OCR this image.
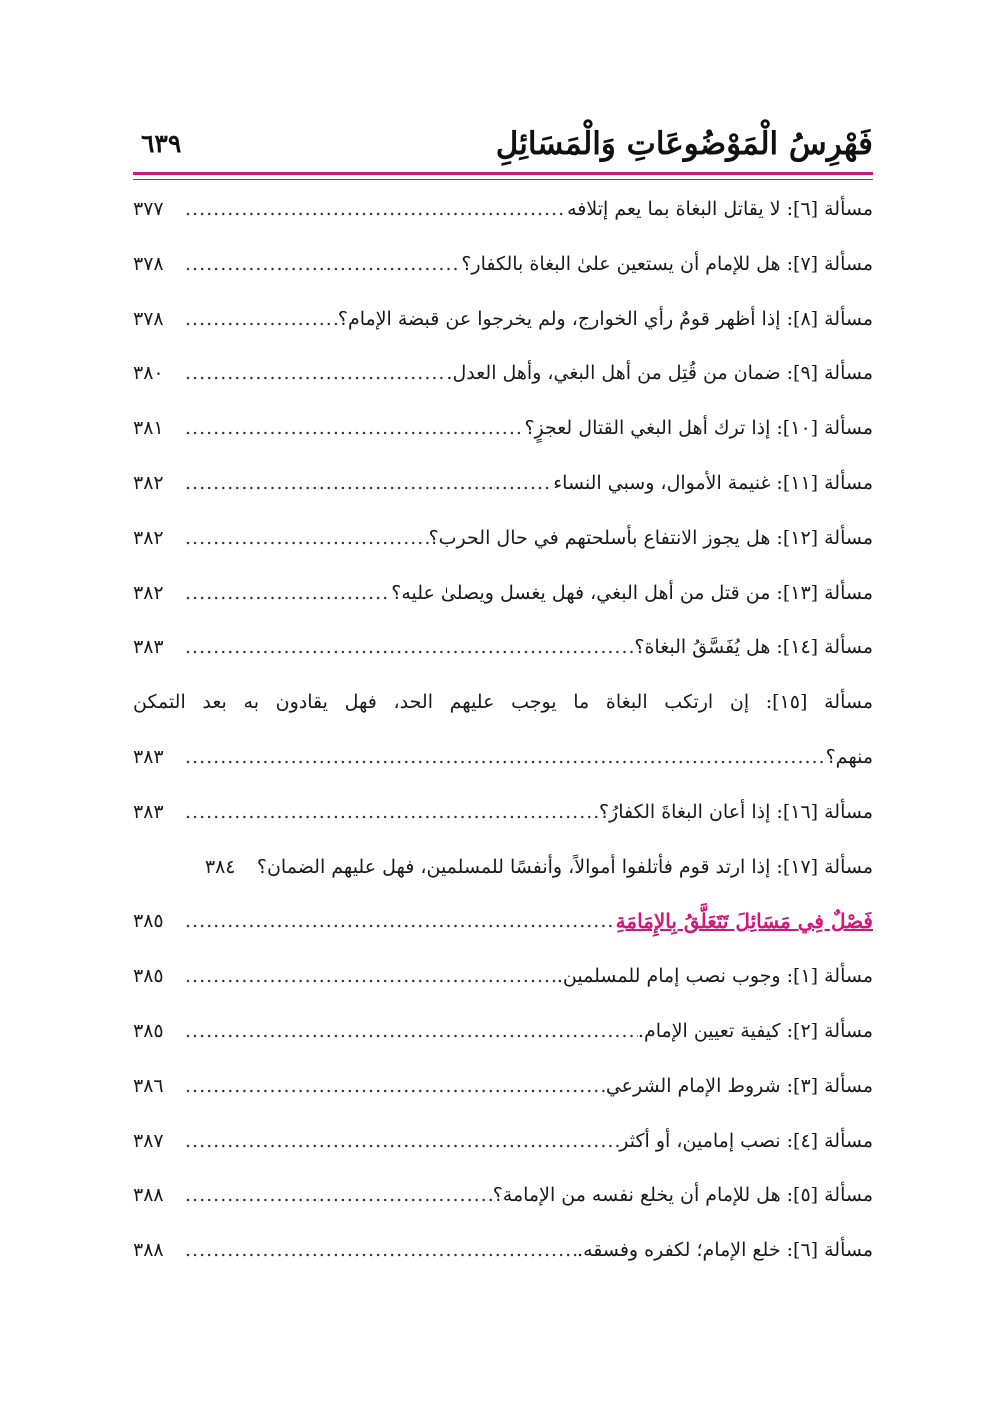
فَهْرِسُ الْمَوْضُوعَاتِ وَالْمَسَائِلِ
٦٣٩
مسألة [٦]: لا يقاتل البغاة بما يعم إتلافه
.....
٣٧٧
مسألة [٧]: هل للإمام أن يستعين علىٰ البغاة بالكفار؟
.....
٣٧٨
مسألة [٨]: إذا أظهر قومٌ رأي الخوارج، ولم يخرجوا عن قبضة الإمام؟
.....
٣٧٨
مسألة [٩]: ضمان من قُتِل من أهل البغي، وأهل العدل.
.....
٣٨٠
مسألة [١٠]: إذا ترك أهل البغي القتال لعجزٍ؟
.....
٣٨١
مسألة [١١]: غنيمة الأموال، وسبي النساء
.....
٣٨٢
مسألة [١٢]: هل يجوز الانتفاع بأسلحتهم في حال الحرب؟
.....
٣٨٢
مسألة [١٣]: من قتل من أهل البغي، فهل يغسل ويصلىٰ عليه؟
.....
٣٨٢
مسألة [١٤]: هل يُفَسَّقُ البغاة؟
.....
٣٨٣
مسألة [١٥]: إن ارتكب البغاة ما يوجب عليهم الحد، فهل يقادون به بعد التمكن
منهم؟
.....
٣٨٣
مسألة [١٦]: إذا أعان البغاةَ الكفارُ؟
.....
٣٨٣
مسألة [١٧]: إذا ارتد قوم فأتلفوا أموالاً، وأنفسًا للمسلمين، فهل عليهم الضمان؟
٣٨٤
فَصْلٌ فِي مَسَائِلَ تَتَعَلَّقُ بِالإِمَامَةِ
.....
٣٨٥
مسألة [١]: وجوب نصب إمام للمسلمين.
.....
٣٨٥
مسألة [٢]: كيفية تعيين الإمام.
.....
٣٨٥
مسألة [٣]: شروط الإمام الشرعي
.....
٣٨٦
مسألة [٤]: نصب إمامين، أو أكثر
.....
٣٨٧
مسألة [٥]: هل للإمام أن يخلع نفسه من الإمامة؟
.....
٣٨٨
مسألة [٦]: خلع الإمام؛ لكفره وفسقه.
.....
٣٨٨
